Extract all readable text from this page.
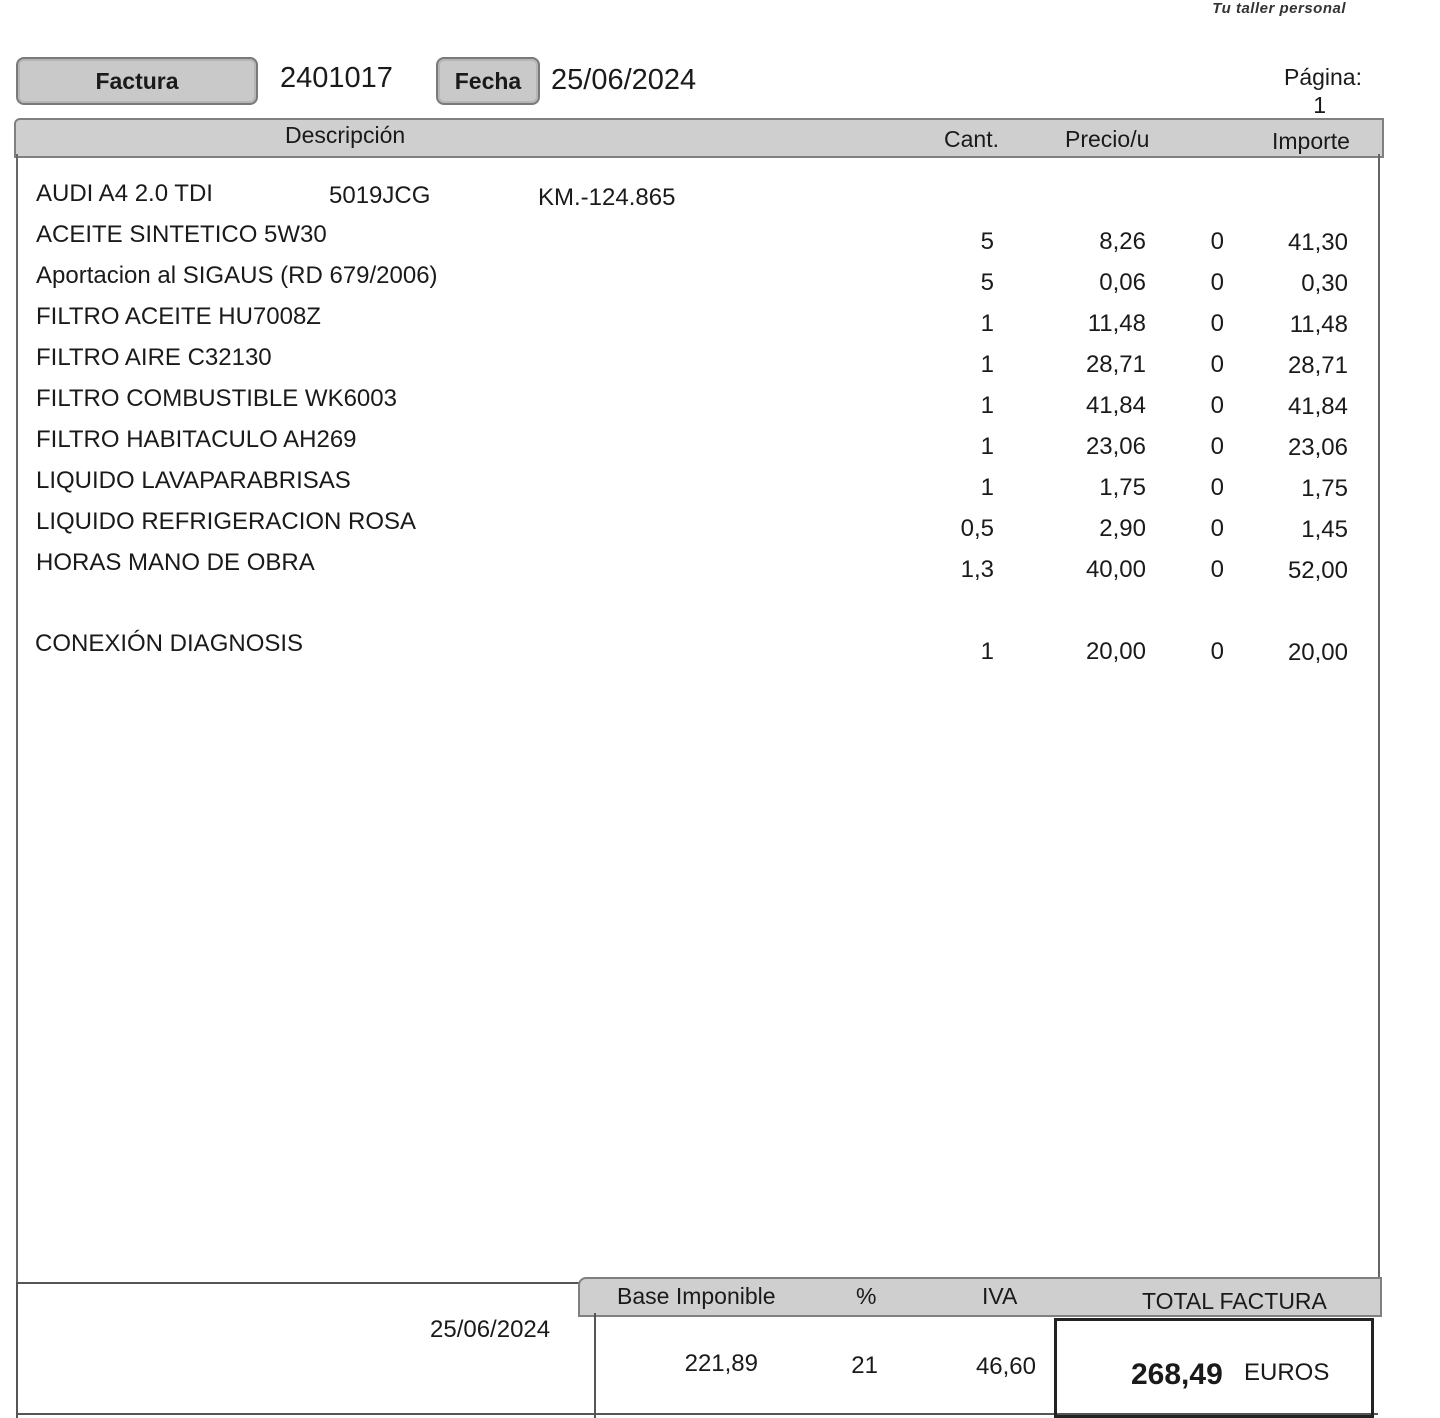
Tu taller personal
Factura	2401017	Fecha	25/06/2024	Página:
1
Descripción	Cant.	Precio/u	Importe
AUDI A4 2.0 TDI	5019JCG	KM.-124.865
ACEITE SINTETICO 5W30	5	8,26	0	41,30
Aportacion al SIGAUS (RD 679/2006)	5	0,06	0	0,30
FILTRO ACEITE HU7008Z	1	11,48	0	11,48
FILTRO AIRE C32130	1	28,71	0	28,71
FILTRO COMBUSTIBLE WK6003	1	41,84	0	41,84
FILTRO HABITACULO AH269	1	23,06	0	23,06
LIQUIDO LAVAPARABRISAS	1	1,75	0	1,75
LIQUIDO REFRIGERACION ROSA	0,5	2,90	0	1,45
HORAS MANO DE OBRA	1,3	40,00	0	52,00
CONEXIÓN DIAGNOSIS	1	20,00	0	20,00
25/06/2024
Base Imponible	%	IVA	TOTAL FACTURA
221,89	21	46,60	268,49 EUROS
